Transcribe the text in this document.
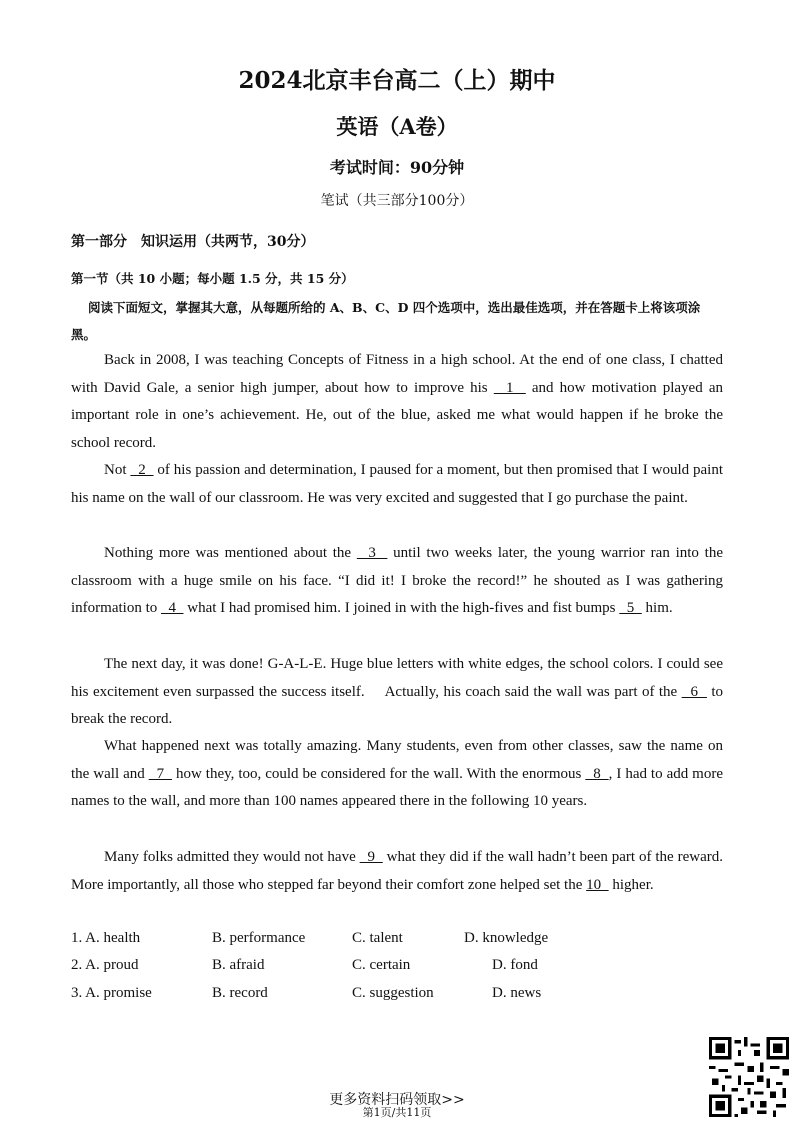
2024北京丰台高二（上）期中
英语（A卷）
考试时间：90分钟
笔试（共三部分100分）
第一部分　知识运用（共两节，30分）
第一节（共 10 小题；每小题 1.5 分，共 15 分）
阅读下面短文，掌握其大意，从每题所给的 A、B、C、D 四个选项中，选出最佳选项，并在答题卡上将该项涂黑。
Back in 2008, I was teaching Concepts of Fitness in a high school. At the end of one class, I chatted with David Gale, a senior high jumper, about how to improve his   1   and how motivation played an important role in one’s achievement. He, out of the blue, asked me what would happen if he broke the school record.
Not   2   of his passion and determination, I paused for a moment, but then promised that I would paint his name on the wall of our classroom. He was very excited and suggested that I go purchase the paint.
Nothing more was mentioned about the   3   until two weeks later, the young warrior ran into the classroom with a huge smile on his face. “I did it! I broke the record!” he shouted as I was gathering information to   4   what I had promised him. I joined in with the high-fives and fist bumps   5   him.
The next day, it was done! G-A-L-E. Huge blue letters with white edges, the school colors. I could see his excitement even surpassed the success itself.　 Actually, his coach said the wall was part of the   6   to break the record.
What happened next was totally amazing. Many students, even from other classes, saw the name on the wall and   7   how they, too, could be considered for the wall. With the enormous   8  , I had to add more names to the wall, and more than 100 names appeared there in the following 10 years.
Many folks admitted they would not have   9   what they did if the wall hadn’t been part of the reward. More importantly, all those who stepped far beyond their comfort zone helped set the 10   higher.
1. A. health	B. performance	C. talent	D. knowledge
2. A. proud	B. afraid	C. certain	D. fond
3. A. promise	B. record	C. suggestion	D. news
更多资料扫码领取>>
第1页/共11页
